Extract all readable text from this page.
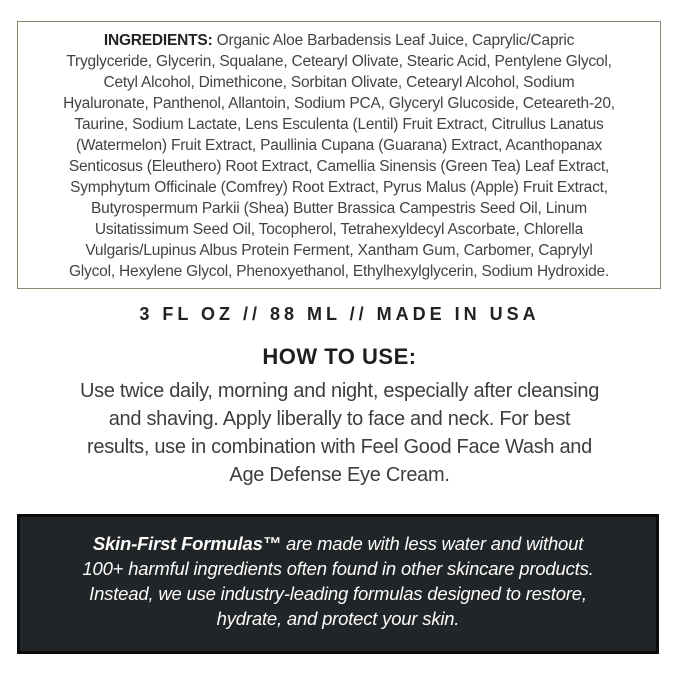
INGREDIENTS: Organic Aloe Barbadensis Leaf Juice, Caprylic/Capric
Tryglyceride, Glycerin, Squalane, Cetearyl Olivate, Stearic Acid, Pentylene Glycol,
Cetyl Alcohol, Dimethicone, Sorbitan Olivate, Cetearyl Alcohol, Sodium
Hyaluronate, Panthenol, Allantoin, Sodium PCA, Glyceryl Glucoside, Ceteareth-20,
Taurine, Sodium Lactate, Lens Esculenta (Lentil) Fruit Extract, Citrullus Lanatus
(Watermelon) Fruit Extract, Paullinia Cupana (Guarana) Extract, Acanthopanax
Senticosus (Eleuthero) Root Extract, Camellia Sinensis (Green Tea) Leaf Extract,
Symphytum Officinale (Comfrey) Root Extract, Pyrus Malus (Apple) Fruit Extract,
Butyrospermum Parkii (Shea) Butter Brassica Campestris Seed Oil, Linum
Usitatissimum Seed Oil, Tocopherol, Tetrahexyldecyl Ascorbate, Chlorella
Vulgaris/Lupinus Albus Protein Ferment, Xantham Gum, Carbomer, Caprylyl
Glycol, Hexylene Glycol, Phenoxyethanol, Ethylhexylglycerin, Sodium Hydroxide.
3 FL OZ // 88 ML // MADE IN USA
HOW TO USE:
Use twice daily, morning and night, especially after cleansing
and shaving. Apply liberally to face and neck. For best
results, use in combination with Feel Good Face Wash and
Age Defense Eye Cream.
Skin-First Formulas™ are made with less water and without
100+ harmful ingredients often found in other skincare products.
Instead, we use industry-leading formulas designed to restore,
hydrate, and protect your skin.
